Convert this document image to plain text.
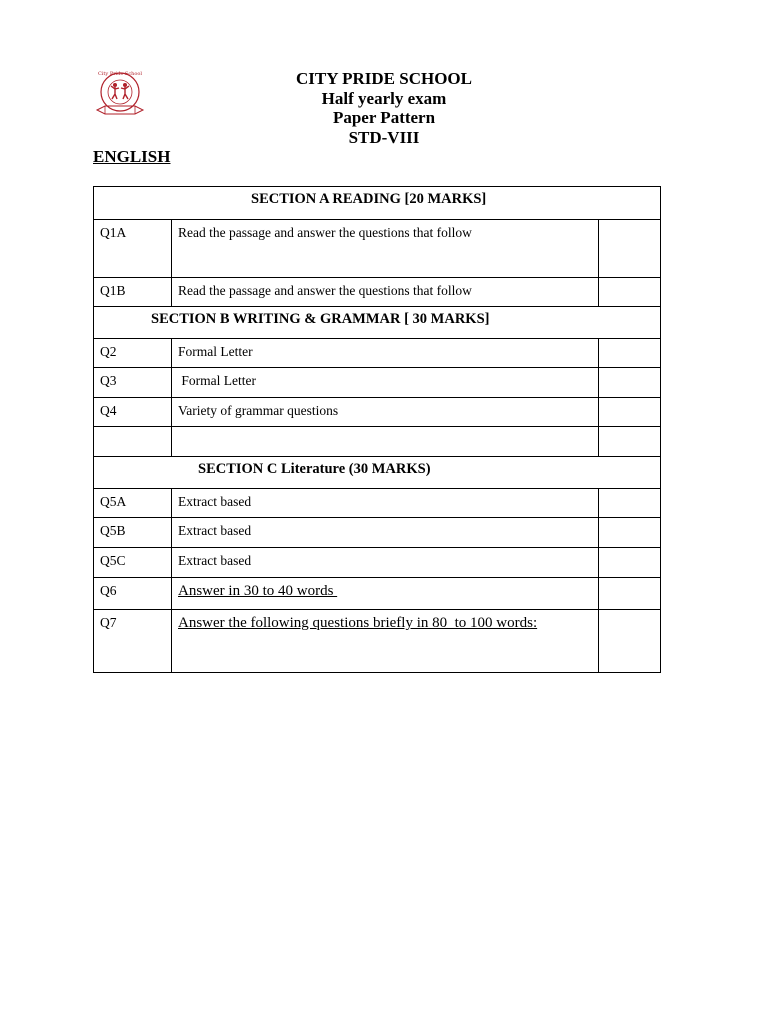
City Pride School	CITY PRIDE SCHOOL
Half yearly exam
Paper Pattern
STD-VIII
ENGLISH
SECTION A READING [20 MARKS]		
Q1A	Read the passage and answer the questions that follow	
Q1B	Read the passage and answer the questions that follow	
SECTION B WRITING & GRAMMAR [ 30 MARKS]		
Q2	Formal Letter	
Q3	Formal Letter	
Q4	Variety of grammar questions	

SECTION C Literature (30 MARKS)		
Q5A	Extract based	
Q5B	Extract based	
Q5C	Extract based	
Q6	Answer in 30 to 40 words	
Q7	Answer the following questions briefly in 80  to 100 words:	
